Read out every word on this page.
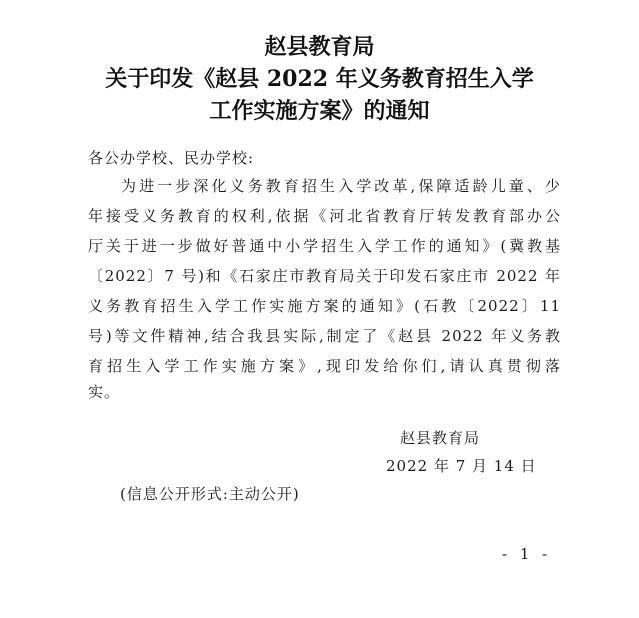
赵县教育局
关于印发《赵县 2022 年义务教育招生入学
工作实施方案》的通知
各公办学校、民办学校:
为进一步深化义务教育招生入学改革,保障适龄儿童、少
年接受义务教育的权利,依据《河北省教育厅转发教育部办公
厅关于进一步做好普通中小学招生入学工作的通知》(冀教基
〔2022〕7 号)和《石家庄市教育局关于印发石家庄市 2022 年
义务教育招生入学工作实施方案的通知》(石教〔2022〕11
号)等文件精神,结合我县实际,制定了《赵县 2022 年义务教
育招生入学工作实施方案》,现印发给你们,请认真贯彻落
实。
赵县教育局
2022 年 7 月 14 日
(信息公开形式:主动公开)
- 1 -
